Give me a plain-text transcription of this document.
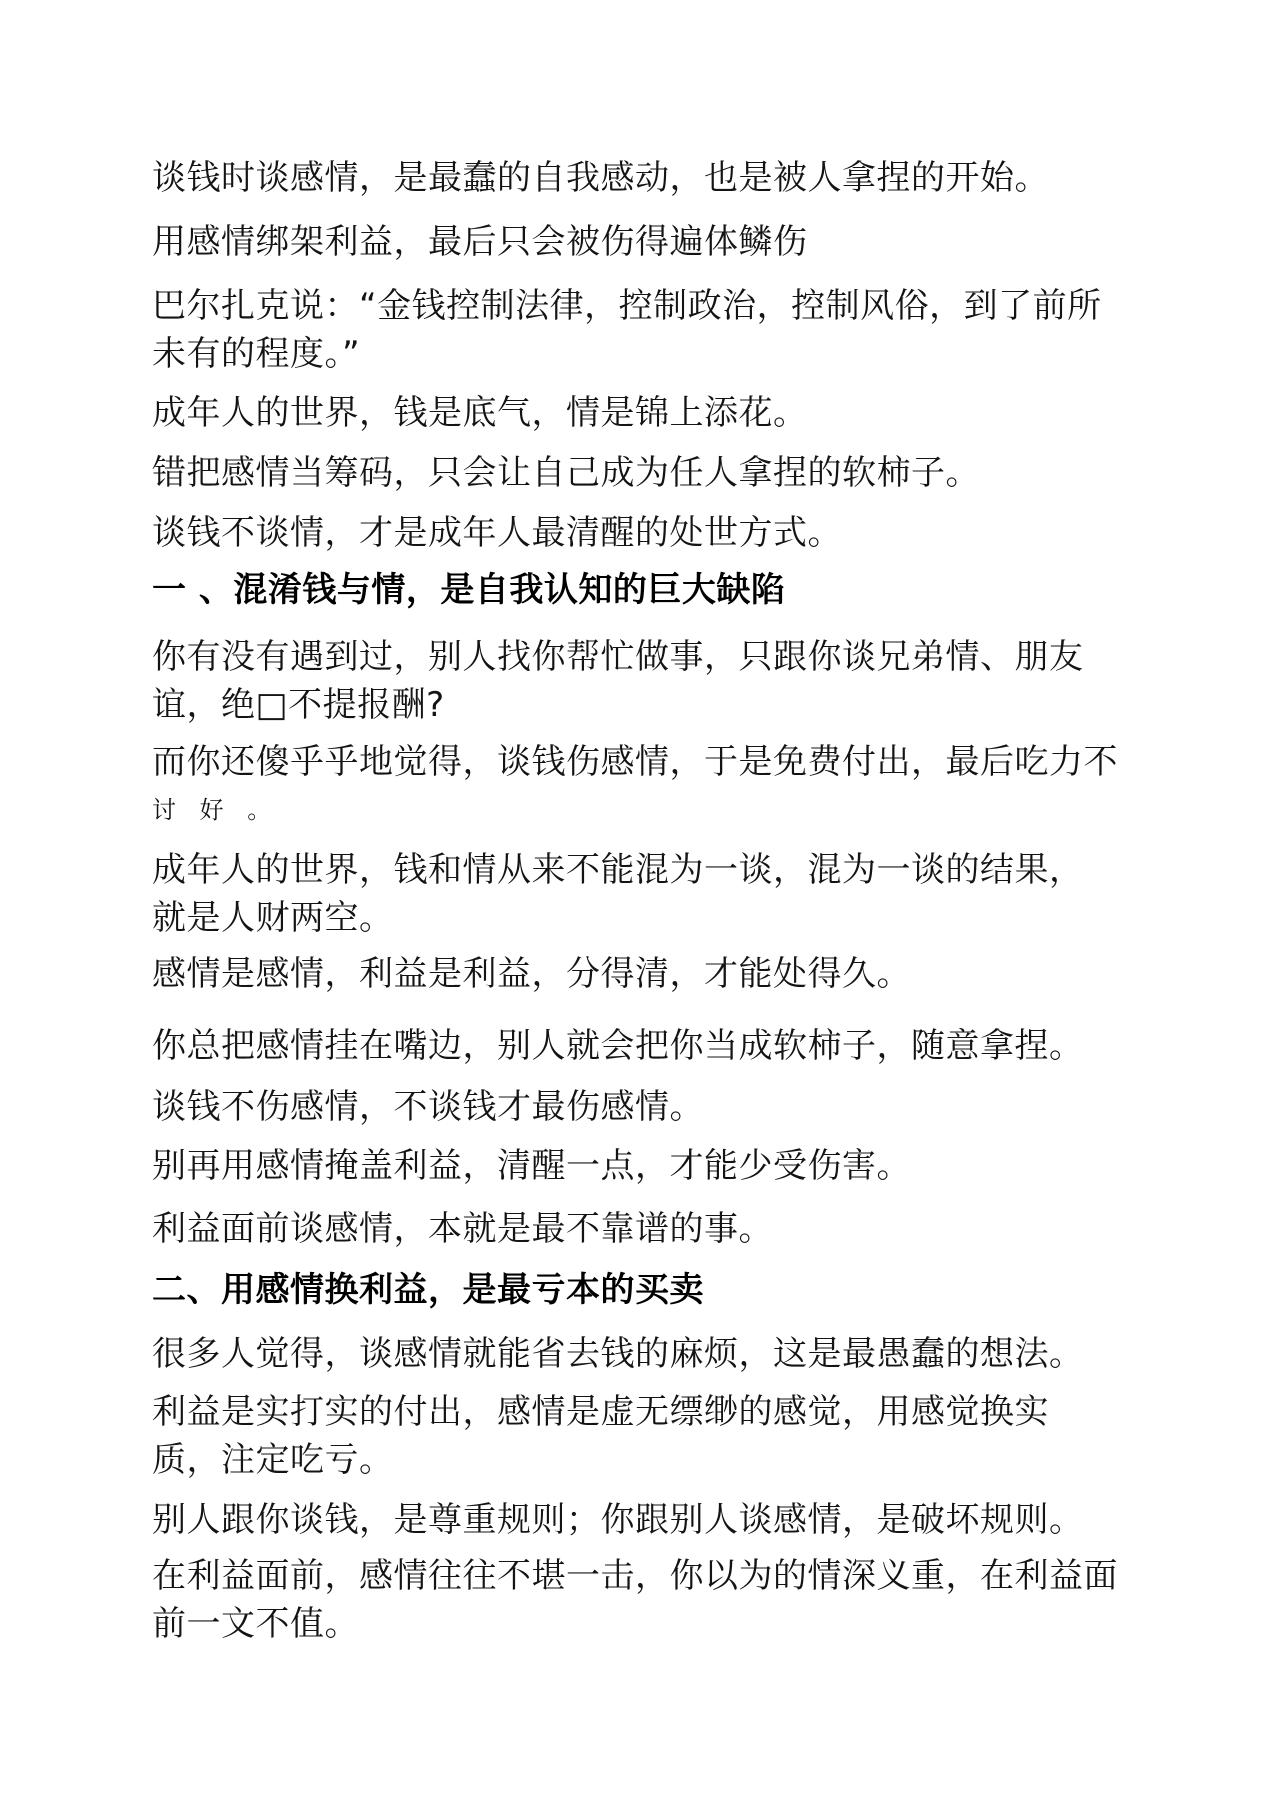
谈钱时谈感情，是最蠢的自我感动，也是被人拿捏的开始。

用感情绑架利益，最后只会被伤得遍体鳞伤

巴尔扎克说：“金钱控制法律，控制政治，控制风俗，到了前所
未有的程度。”

成年人的世界，钱是底气，情是锦上添花。

错把感情当筹码，只会让自己成为任人拿捏的软柿子。

谈钱不谈情，才是成年人最清醒的处世方式。

一 、混淆钱与情，是自我认知的巨大缺陷

你有没有遇到过，别人找你帮忙做事，只跟你谈兄弟情、朋友
谊，绝□不提报酬?

而你还傻乎乎地觉得，谈钱伤感情，于是免费付出，最后吃力不
讨 好 。

成年人的世界，钱和情从来不能混为一谈，混为一谈的结果，
就是人财两空。

感情是感情，利益是利益，分得清，才能处得久。

你总把感情挂在嘴边，别人就会把你当成软柿子，随意拿捏。

谈钱不伤感情，不谈钱才最伤感情。

别再用感情掩盖利益，清醒一点，才能少受伤害。

利益面前谈感情，本就是最不靠谱的事。

二、用感情换利益，是最亏本的买卖

很多人觉得，谈感情就能省去钱的麻烦，这是最愚蠢的想法。

利益是实打实的付出，感情是虚无缥缈的感觉，用感觉换实
质，注定吃亏。

别人跟你谈钱，是尊重规则；你跟别人谈感情，是破坏规则。

在利益面前，感情往往不堪一击，你以为的情深义重，在利益面
前一文不值。
